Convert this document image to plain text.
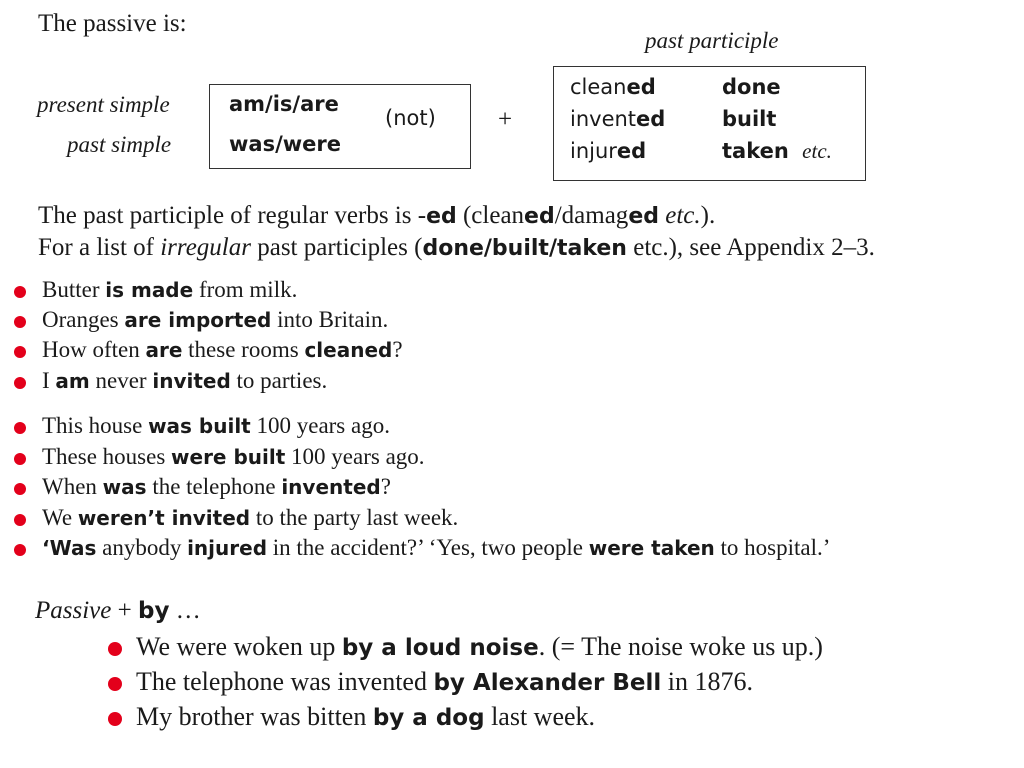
The passive is:
past participle
present simple
past simple
am/is/are
was/were
(not) +
cleaned
invented
injured
done
built
taken etc.
The past participle of regular verbs is -ed (cleaned/damaged etc.).
For a list of irregular past participles (done/built/taken etc.), see Appendix 2–3.
Butter is made from milk.
Oranges are imported into Britain.
How often are these rooms cleaned?
I am never invited to parties.
This house was built 100 years ago.
These houses were built 100 years ago.
When was the telephone invented?
We weren’t invited to the party last week.
‘Was anybody injured in the accident?’ ‘Yes, two people were taken to hospital.’
We were woken up by a loud noise. (= The noise woke us up.)
The telephone was invented by Alexander Bell in 1876.
My brother was bitten by a dog last week.
Passive + by …
